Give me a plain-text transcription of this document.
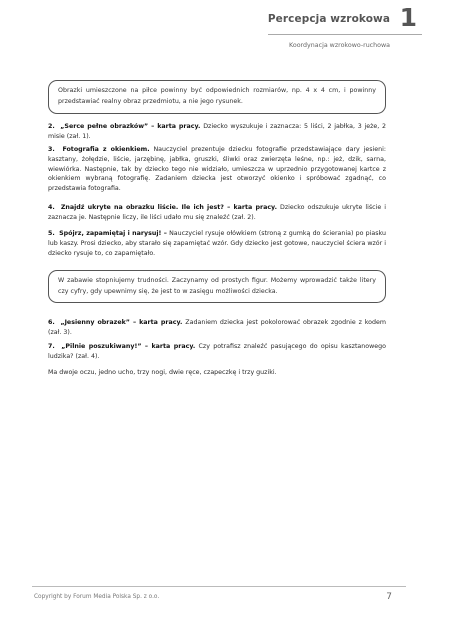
Percepcja wzrokowa 1
Koordynacja wzrokowo-ruchowa
Obrazki umieszczone na piłce powinny być odpowiednich rozmiarów, np. 4 x 4 cm, i powinny przedstawiać realny obraz przedmiotu, a nie jego rysunek.
2. „Serce pełne obrazków” – karta pracy. Dziecko wyszukuje i zaznacza: 5 liści, 2 jabłka, 3 jeże, 2 misie (zał. 1).
3. Fotografia z okienkiem. Nauczyciel prezentuje dziecku fotografie przedstawiające dary jesieni: kasztany, żołędzie, liście, jarzębinę, jabłka, gruszki, śliwki oraz zwierzęta leśne, np.: jeż, dzik, sarna, wiewiórka. Następnie, tak by dziecko tego nie widziało, umieszcza w uprzednio przygotowanej kartce z okienkiem wybraną fotografię. Zadaniem dziecka jest otworzyć okienko i spróbować zgadnąć, co przedstawia fotografia.
4. Znajdź ukryte na obrazku liście. Ile ich jest? – karta pracy. Dziecko odszukuje ukryte liście i zaznacza je. Następnie liczy, ile liści udało mu się znaleźć (zał. 2).
5. Spójrz, zapamiętaj i narysuj! – Nauczyciel rysuje ołówkiem (stroną z gumką do ścierania) po piasku lub kaszy. Prosi dziecko, aby starało się zapamiętać wzór. Gdy dziecko jest gotowe, nauczyciel ściera wzór i dziecko rysuje to, co zapamiętało.
W zabawie stopniujemy trudności. Zaczynamy od prostych figur. Możemy wprowadzić także litery czy cyfry, gdy upewnimy się, że jest to w zasięgu możliwości dziecka.
6. „Jesienny obrazek” – karta pracy. Zadaniem dziecka jest pokolorować obrazek zgodnie z kodem (zał. 3).
7. „Pilnie poszukiwany!” – karta pracy. Czy potrafisz znaleźć pasującego do opisu kasztanowego ludzika? (zał. 4).
Ma dwoje oczu, jedno ucho, trzy nogi, dwie ręce, czapeczkę i trzy guziki.
Copyright by Forum Media Polska Sp. z o.o.	7
